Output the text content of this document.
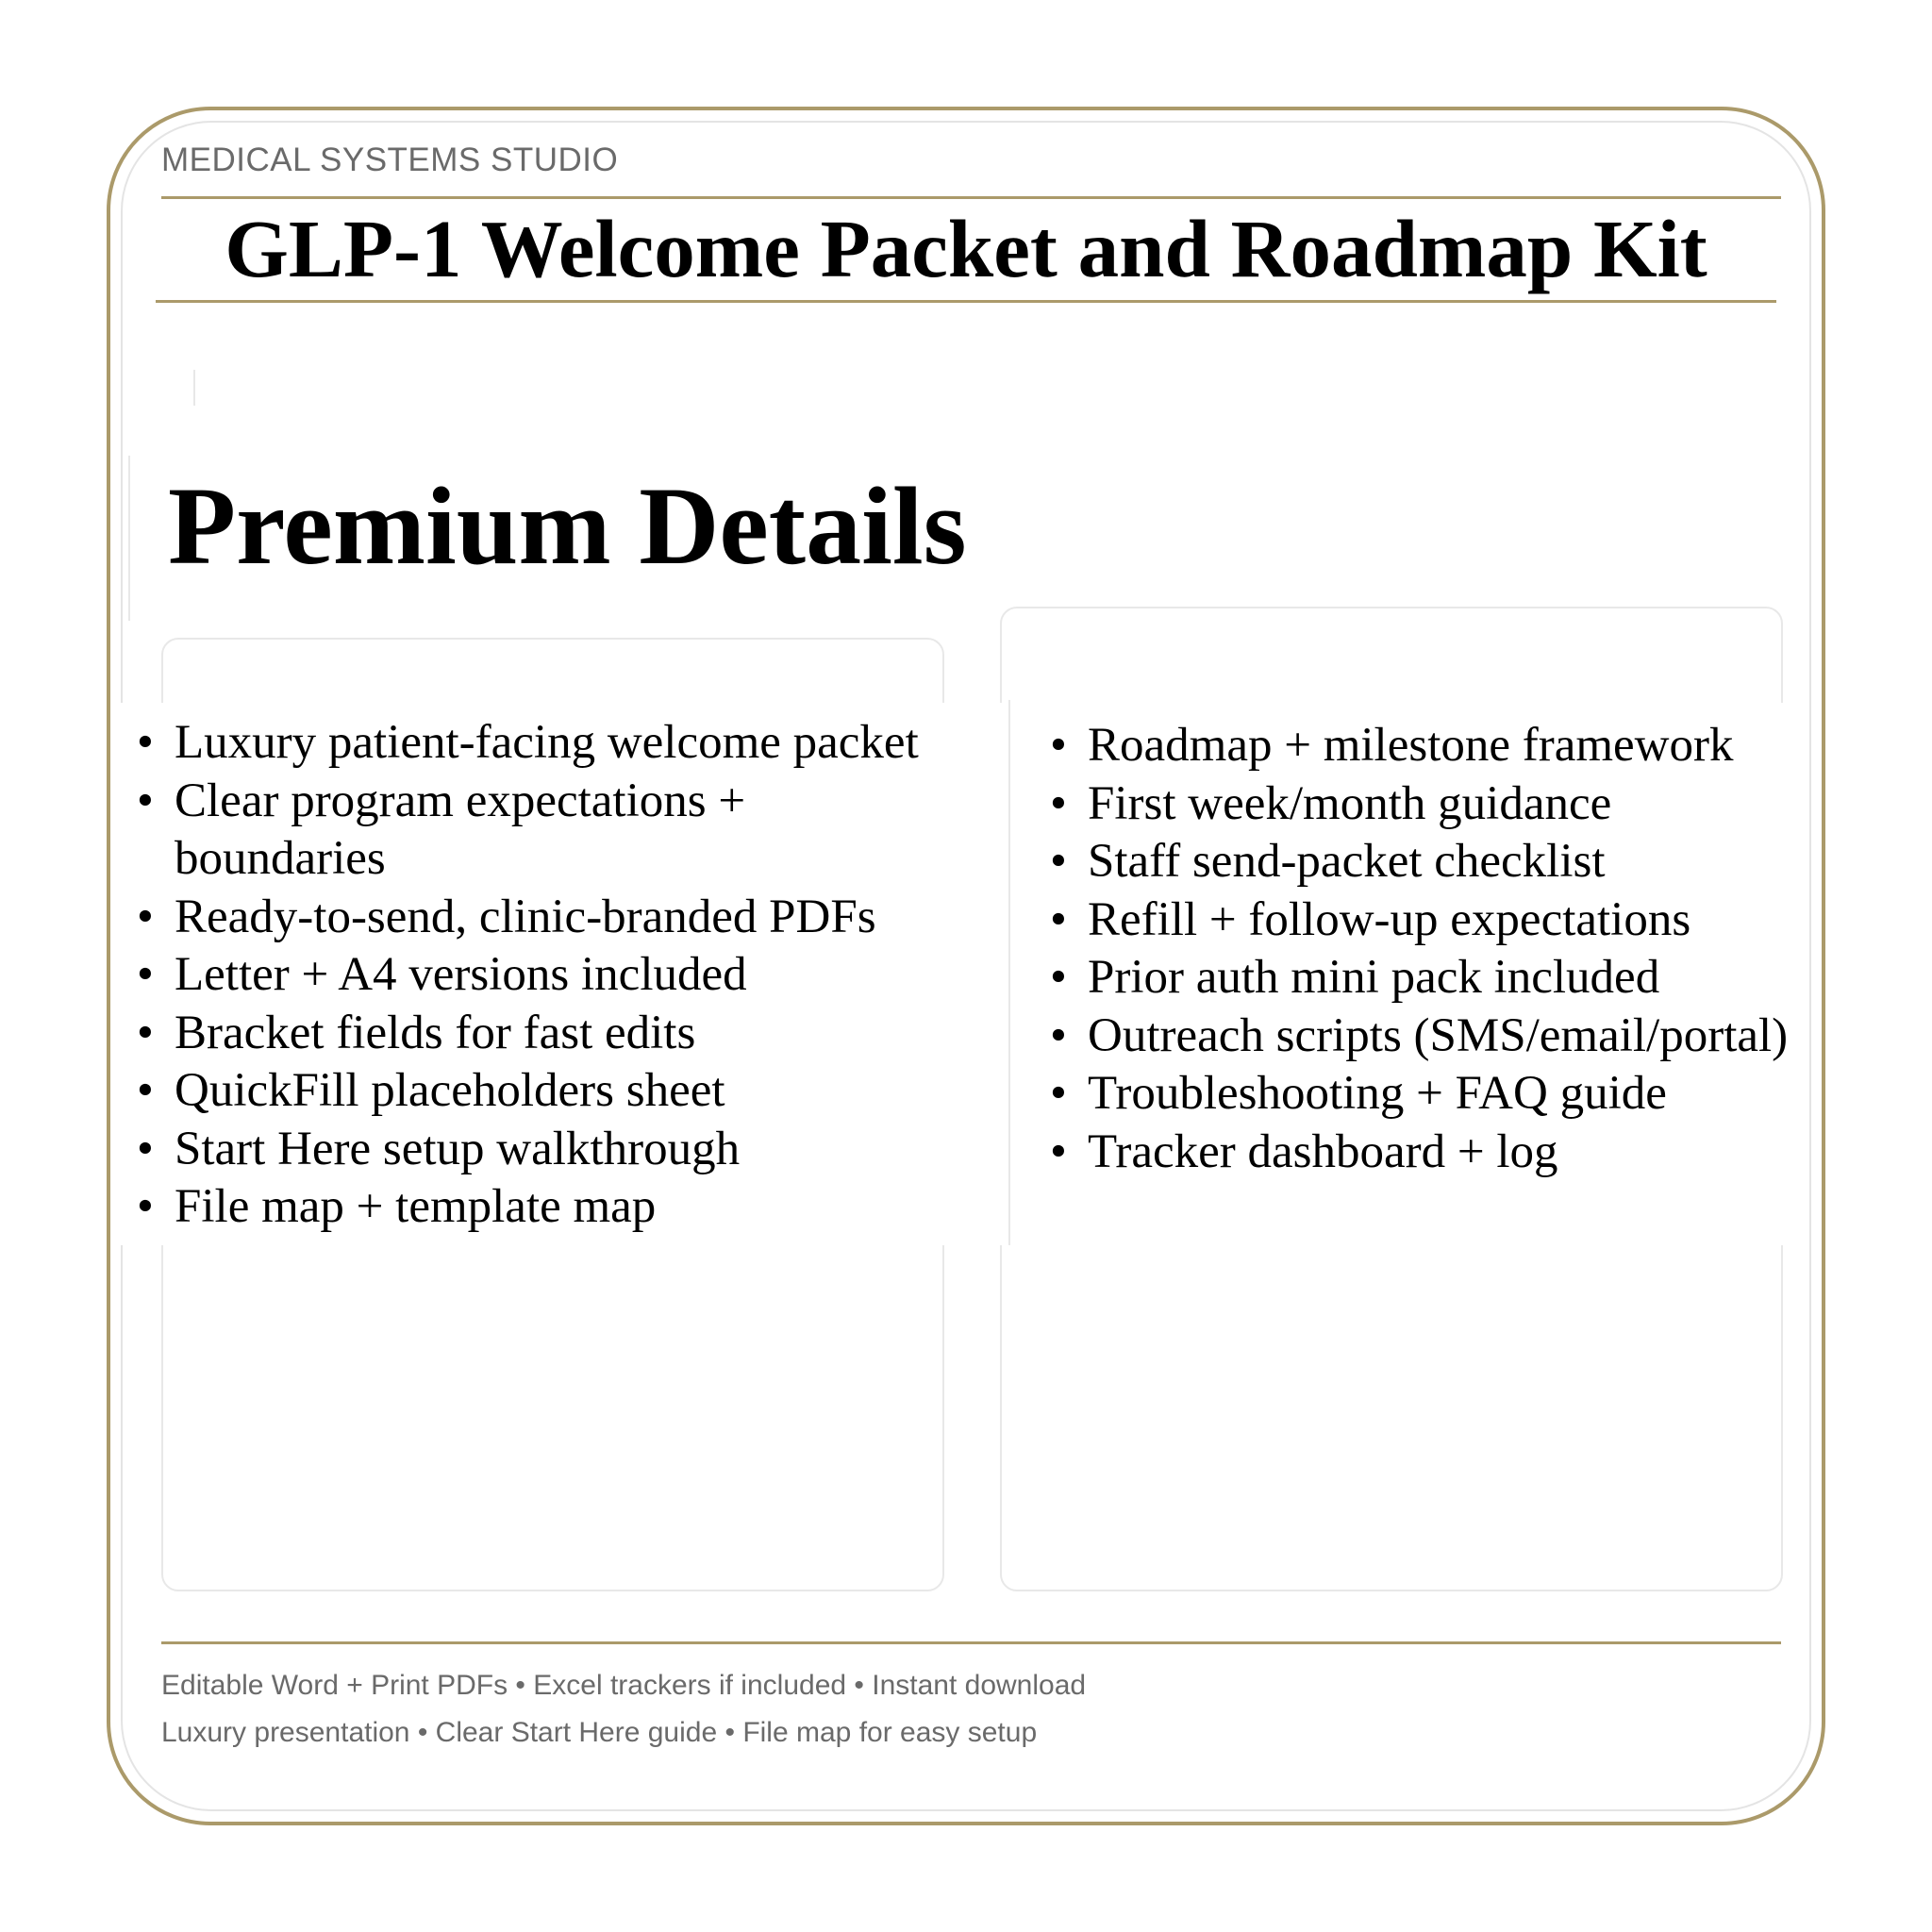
MEDICAL SYSTEMS STUDIO
GLP-1 Welcome Packet and Roadmap Kit
Premium Details
• Luxury patient-facing welcome packet
• Clear program expectations + boundaries
• Ready-to-send, clinic-branded PDFs
• Letter + A4 versions included
• Bracket fields for fast edits
• QuickFill placeholders sheet
• Start Here setup walkthrough
• File map + template map
• Roadmap + milestone framework
• First week/month guidance
• Staff send-packet checklist
• Refill + follow-up expectations
• Prior auth mini pack included
• Outreach scripts (SMS/email/portal)
• Troubleshooting + FAQ guide
• Tracker dashboard + log
Editable Word + Print PDFs • Excel trackers if included • Instant download
Luxury presentation • Clear Start Here guide • File map for easy setup
